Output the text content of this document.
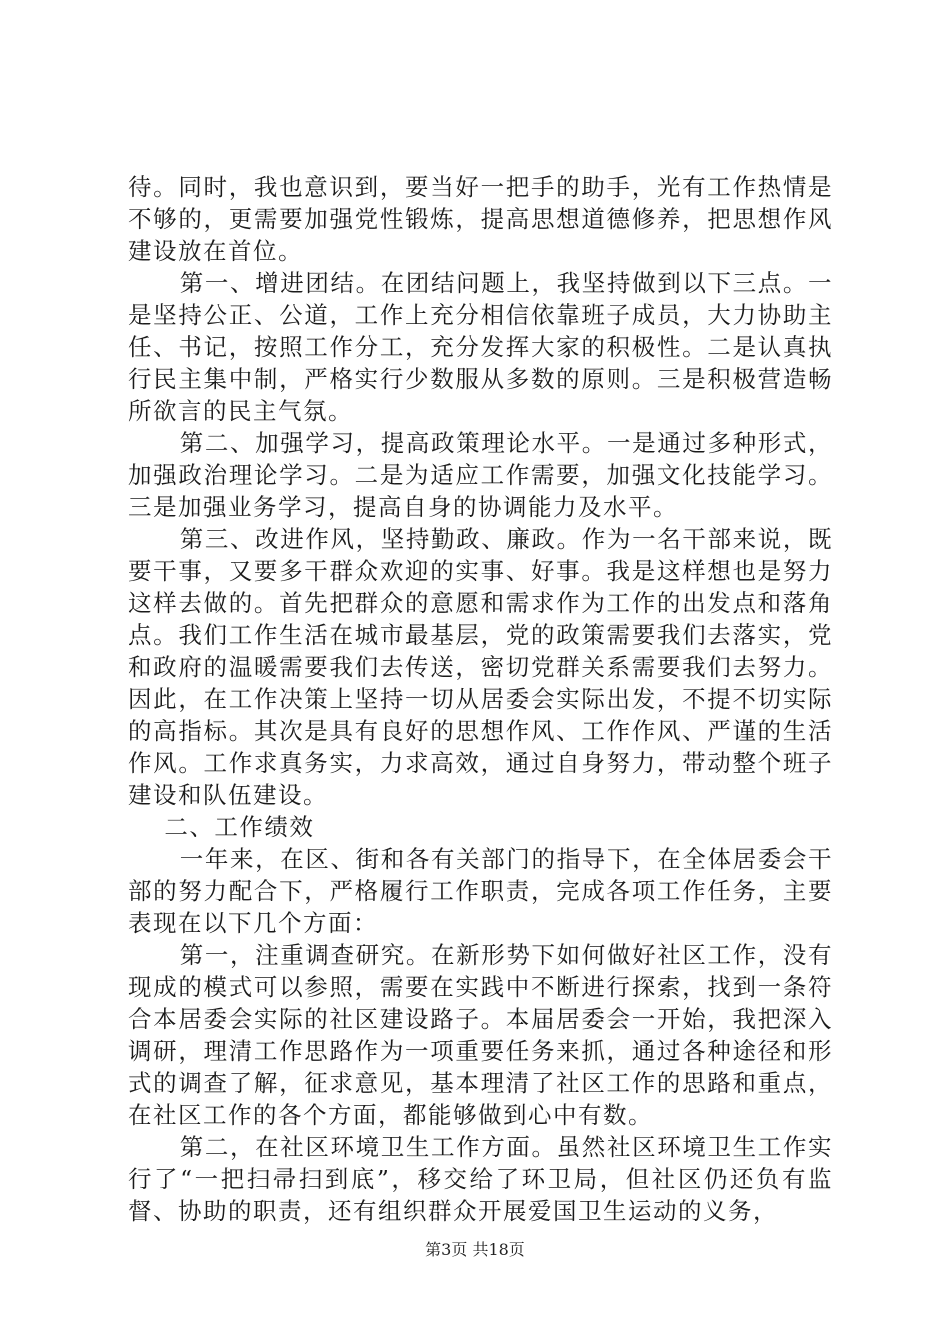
待。同时，我也意识到，要当好一把手的助手，光有工作热情是不够的，更需要加强党性锻炼，提高思想道德修养，把思想作风建设放在首位。

第一、增进团结。在团结问题上，我坚持做到以下三点。一是坚持公正、公道，工作上充分相信依靠班子成员，大力协助主任、书记，按照工作分工，充分发挥大家的积极性。二是认真执行民主集中制，严格实行少数服从多数的原则。三是积极营造畅所欲言的民主气氛。

第二、加强学习，提高政策理论水平。一是通过多种形式，加强政治理论学习。二是为适应工作需要，加强文化技能学习。三是加强业务学习，提高自身的协调能力及水平。

第三、改进作风，坚持勤政、廉政。作为一名干部来说，既要干事，又要多干群众欢迎的实事、好事。我是这样想也是努力这样去做的。首先把群众的意愿和需求作为工作的出发点和落角点。我们工作生活在城市最基层，党的政策需要我们去落实，党和政府的温暖需要我们去传送，密切党群关系需要我们去努力。因此，在工作决策上坚持一切从居委会实际出发，不提不切实际的高指标。其次是具有良好的思想作风、工作作风、严谨的生活作风。工作求真务实，力求高效，通过自身努力，带动整个班子建设和队伍建设。

二、工作绩效

一年来，在区、街和各有关部门的指导下，在全体居委会干部的努力配合下，严格履行工作职责，完成各项工作任务，主要表现在以下几个方面：

第一，注重调查研究。在新形势下如何做好社区工作，没有现成的模式可以参照，需要在实践中不断进行探索，找到一条符合本居委会实际的社区建设路子。本届居委会一开始，我把深入调研，理清工作思路作为一项重要任务来抓，通过各种途径和形式的调查了解，征求意见，基本理清了社区工作的思路和重点，在社区工作的各个方面，都能够做到心中有数。

第二，在社区环境卫生工作方面。虽然社区环境卫生工作实行了“一把扫帚扫到底”，移交给了环卫局，但社区仍还负有监督、协助的职责，还有组织群众开展爱国卫生运动的义务，

第3页 共18页
